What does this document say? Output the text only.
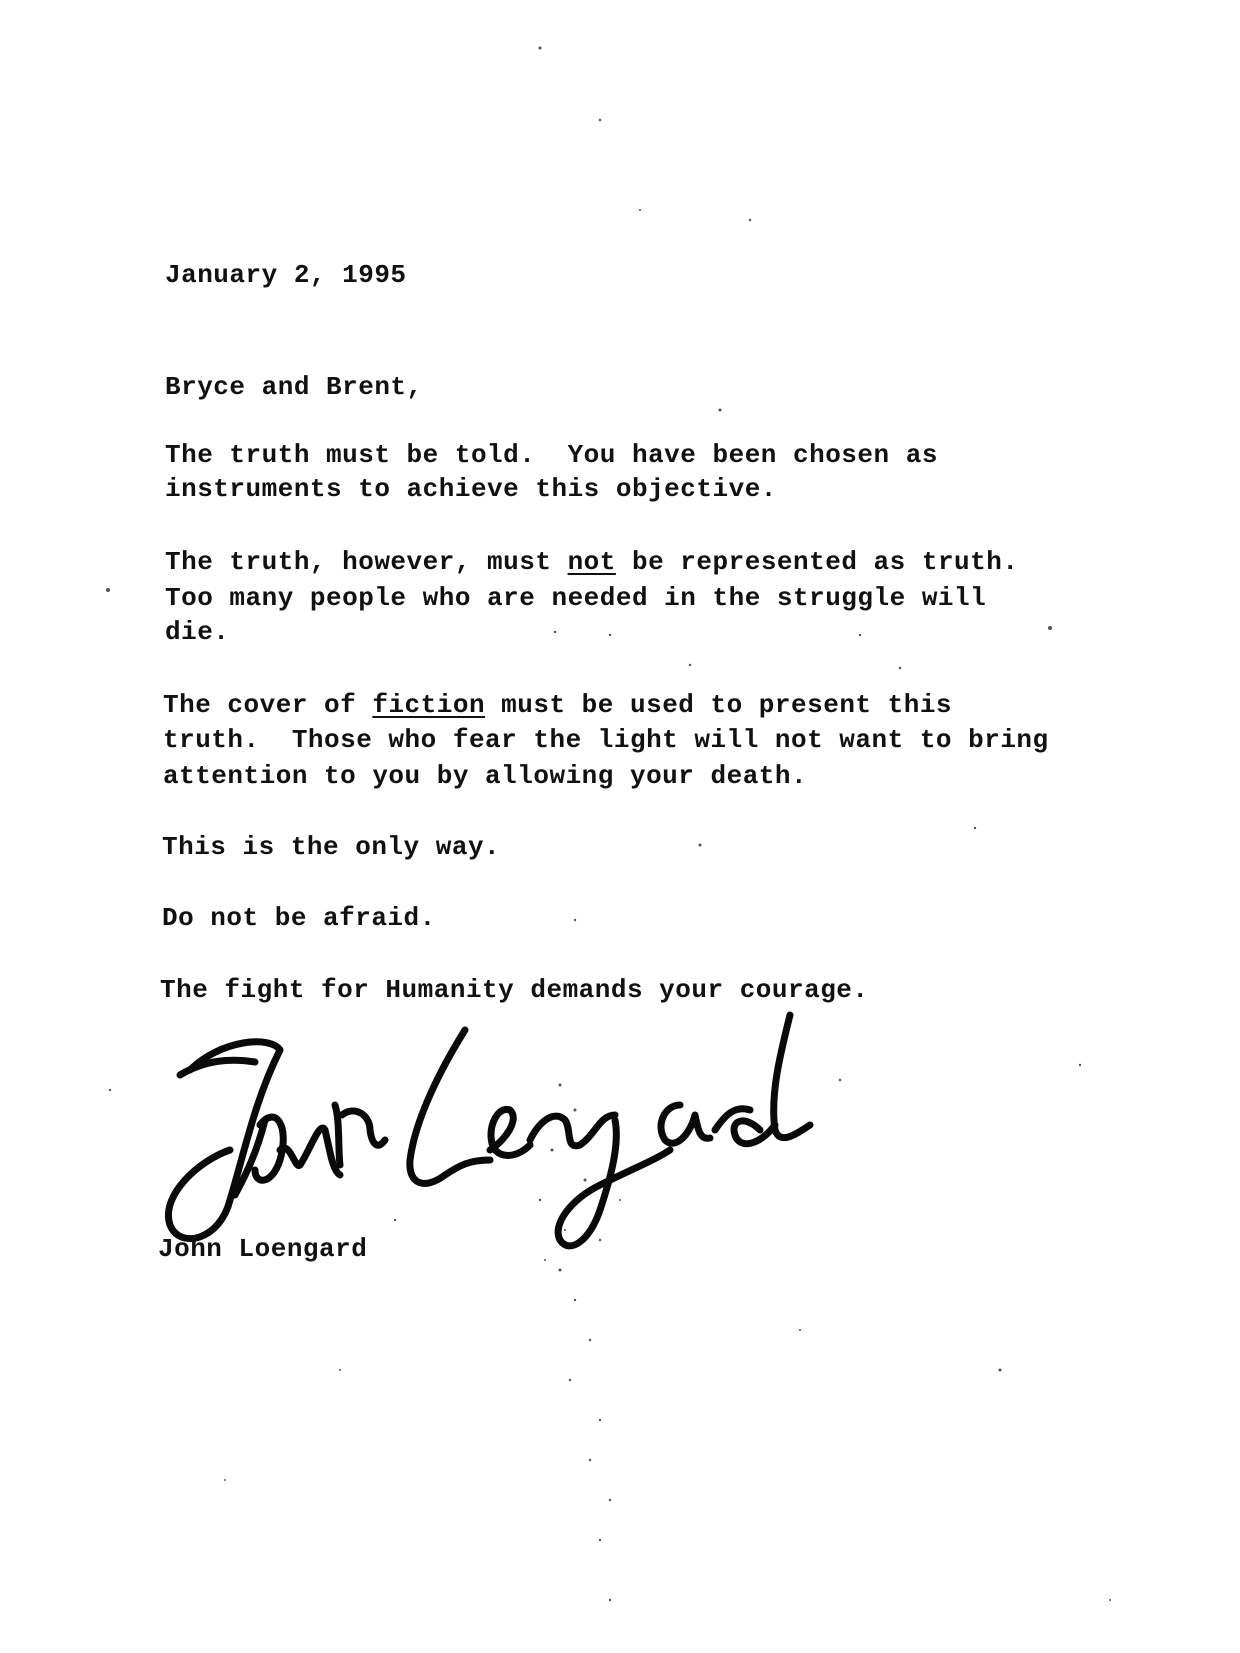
January 2, 1995
Bryce and Brent,
The truth must be told.  You have been chosen as
instruments to achieve this objective.
The truth, however, must not be represented as truth.
Too many people who are needed in the struggle will
die.
The cover of fiction must be used to present this
truth.  Those who fear the light will not want to bring
attention to you by allowing your death.
This is the only way.
Do not be afraid.
The fight for Humanity demands your courage.
John Loengard
John Loengard
